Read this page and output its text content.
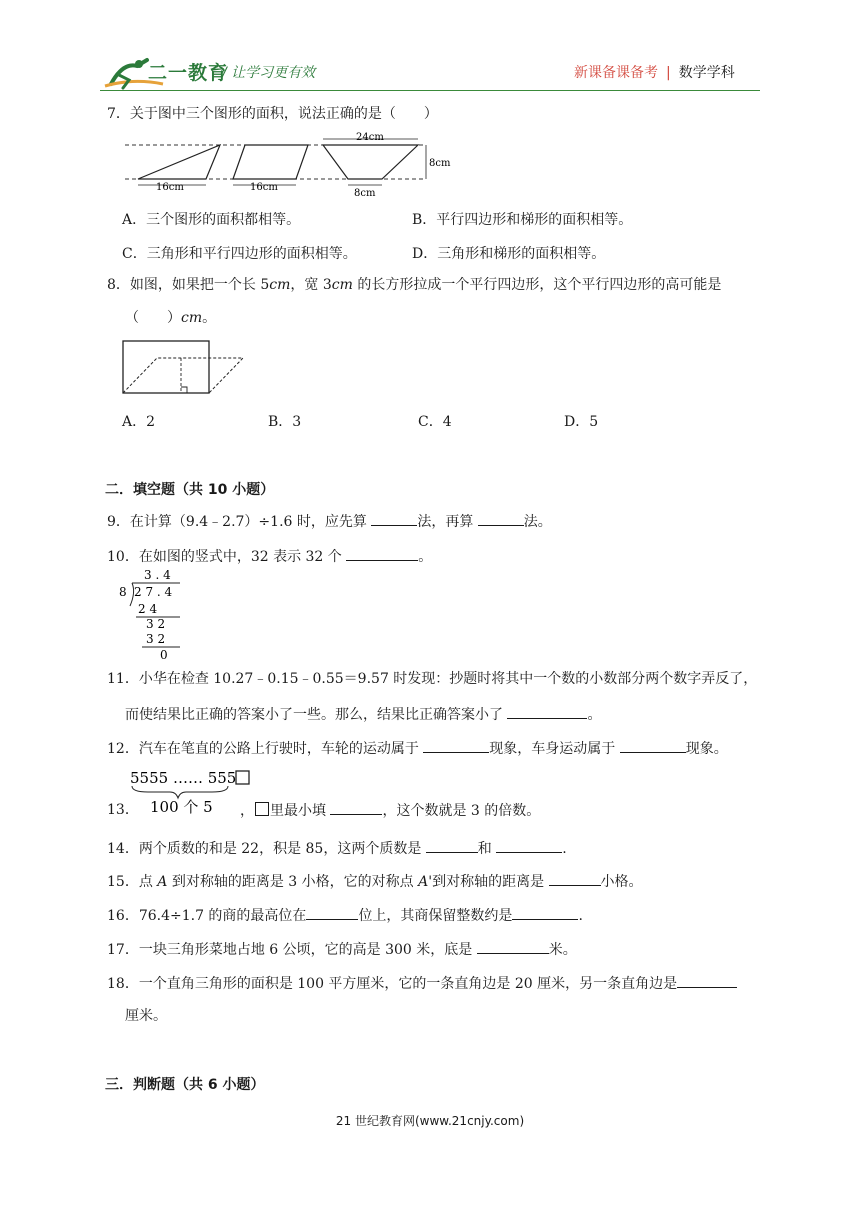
二一教育
/ 让学习更有效	新课备课备考 | 数学学科
7．关于图中三个图形的面积，说法正确的是（　　）
16cm	16cm
24cm
8cm
8cm
A．三个图形的面积都相等。	B．平行四边形和梯形的面积相等。
C．三角形和平行四边形的面积相等。	D．三角形和梯形的面积相等。
8．如图，如果把一个长 5cm，宽 3cm 的长方形拉成一个平行四边形，这个平行四边形的高可能是
（　　）cm。
A．2	B．3	C．4	D．5
二．填空题（共 10 小题）
9．在计算（9.4﹣2.7）÷1.6 时，应先算	法，再算	法。
10．在如图的竖式中，32 表示 32 个	。
3 . 4
8 2 7 . 4
2 4
3 2
3 2
0
11．小华在检查 10.27﹣0.15﹣0.55＝9.57 时发现：抄题时将其中一个数的小数部分两个数字弄反了，
而使结果比正确的答案小了一些。那么，结果比正确答案小了	。
12．汽车在笔直的公路上行驶时，车轮的运动属于	现象，车身运动属于	现象。
5555 …… 555
100 个 5
13．	， 里最小填	，这个数就是 3 的倍数。
14．两个质数的和是 22，积是 85，这两个质数是	和	.
15．点 A 到对称轴的距离是 3 小格，它的对称点 A'到对称轴的距离是	小格。
16．76.4÷1.7 的商的最高位在	位上，其商保留整数约是	.
17．一块三角形菜地占地 6 公顷，它的高是 300 米，底是	米。
18．一个直角三角形的面积是 100 平方厘米，它的一条直角边是 20 厘米，另一条直角边是
厘米。
三．判断题（共 6 小题）
21 世纪教育网(www.21cnjy.com)
